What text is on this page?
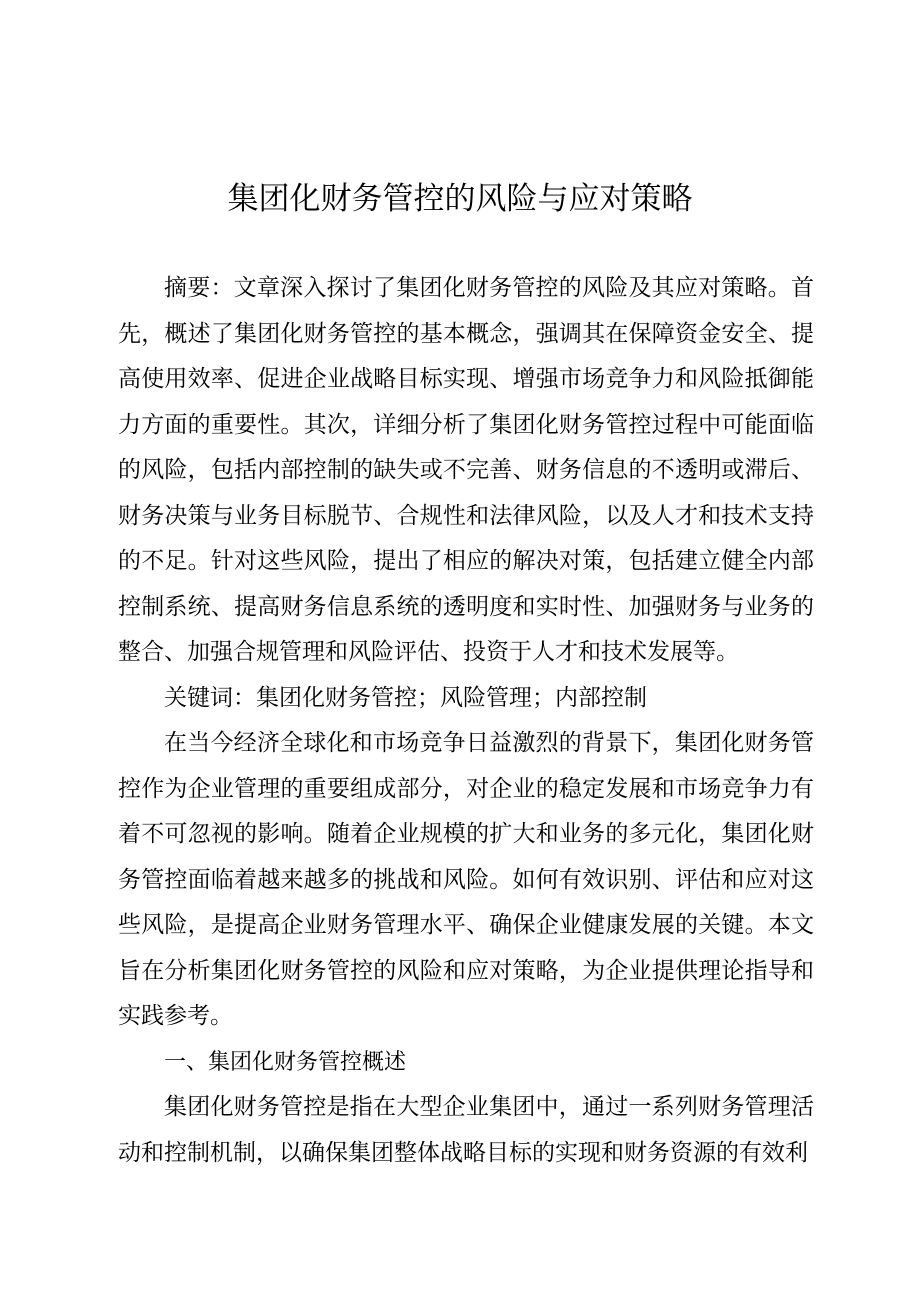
集团化财务管控的风险与应对策略

摘要：文章深入探讨了集团化财务管控的风险及其应对策略。首先，概述了集团化财务管控的基本概念，强调其在保障资金安全、提高使用效率、促进企业战略目标实现、增强市场竞争力和风险抵御能力方面的重要性。其次，详细分析了集团化财务管控过程中可能面临的风险，包括内部控制的缺失或不完善、财务信息的不透明或滞后、财务决策与业务目标脱节、合规性和法律风险，以及人才和技术支持的不足。针对这些风险，提出了相应的解决对策，包括建立健全内部控制系统、提高财务信息系统的透明度和实时性、加强财务与业务的整合、加强合规管理和风险评估、投资于人才和技术发展等。

关键词：集团化财务管控；风险管理；内部控制

在当今经济全球化和市场竞争日益激烈的背景下，集团化财务管控作为企业管理的重要组成部分，对企业的稳定发展和市场竞争力有着不可忽视的影响。随着企业规模的扩大和业务的多元化，集团化财务管控面临着越来越多的挑战和风险。如何有效识别、评估和应对这些风险，是提高企业财务管理水平、确保企业健康发展的关键。本文旨在分析集团化财务管控的风险和应对策略，为企业提供理论指导和实践参考。

一、集团化财务管控概述

集团化财务管控是指在大型企业集团中，通过一系列财务管理活动和控制机制，以确保集团整体战略目标的实现和财务资源的有效利
